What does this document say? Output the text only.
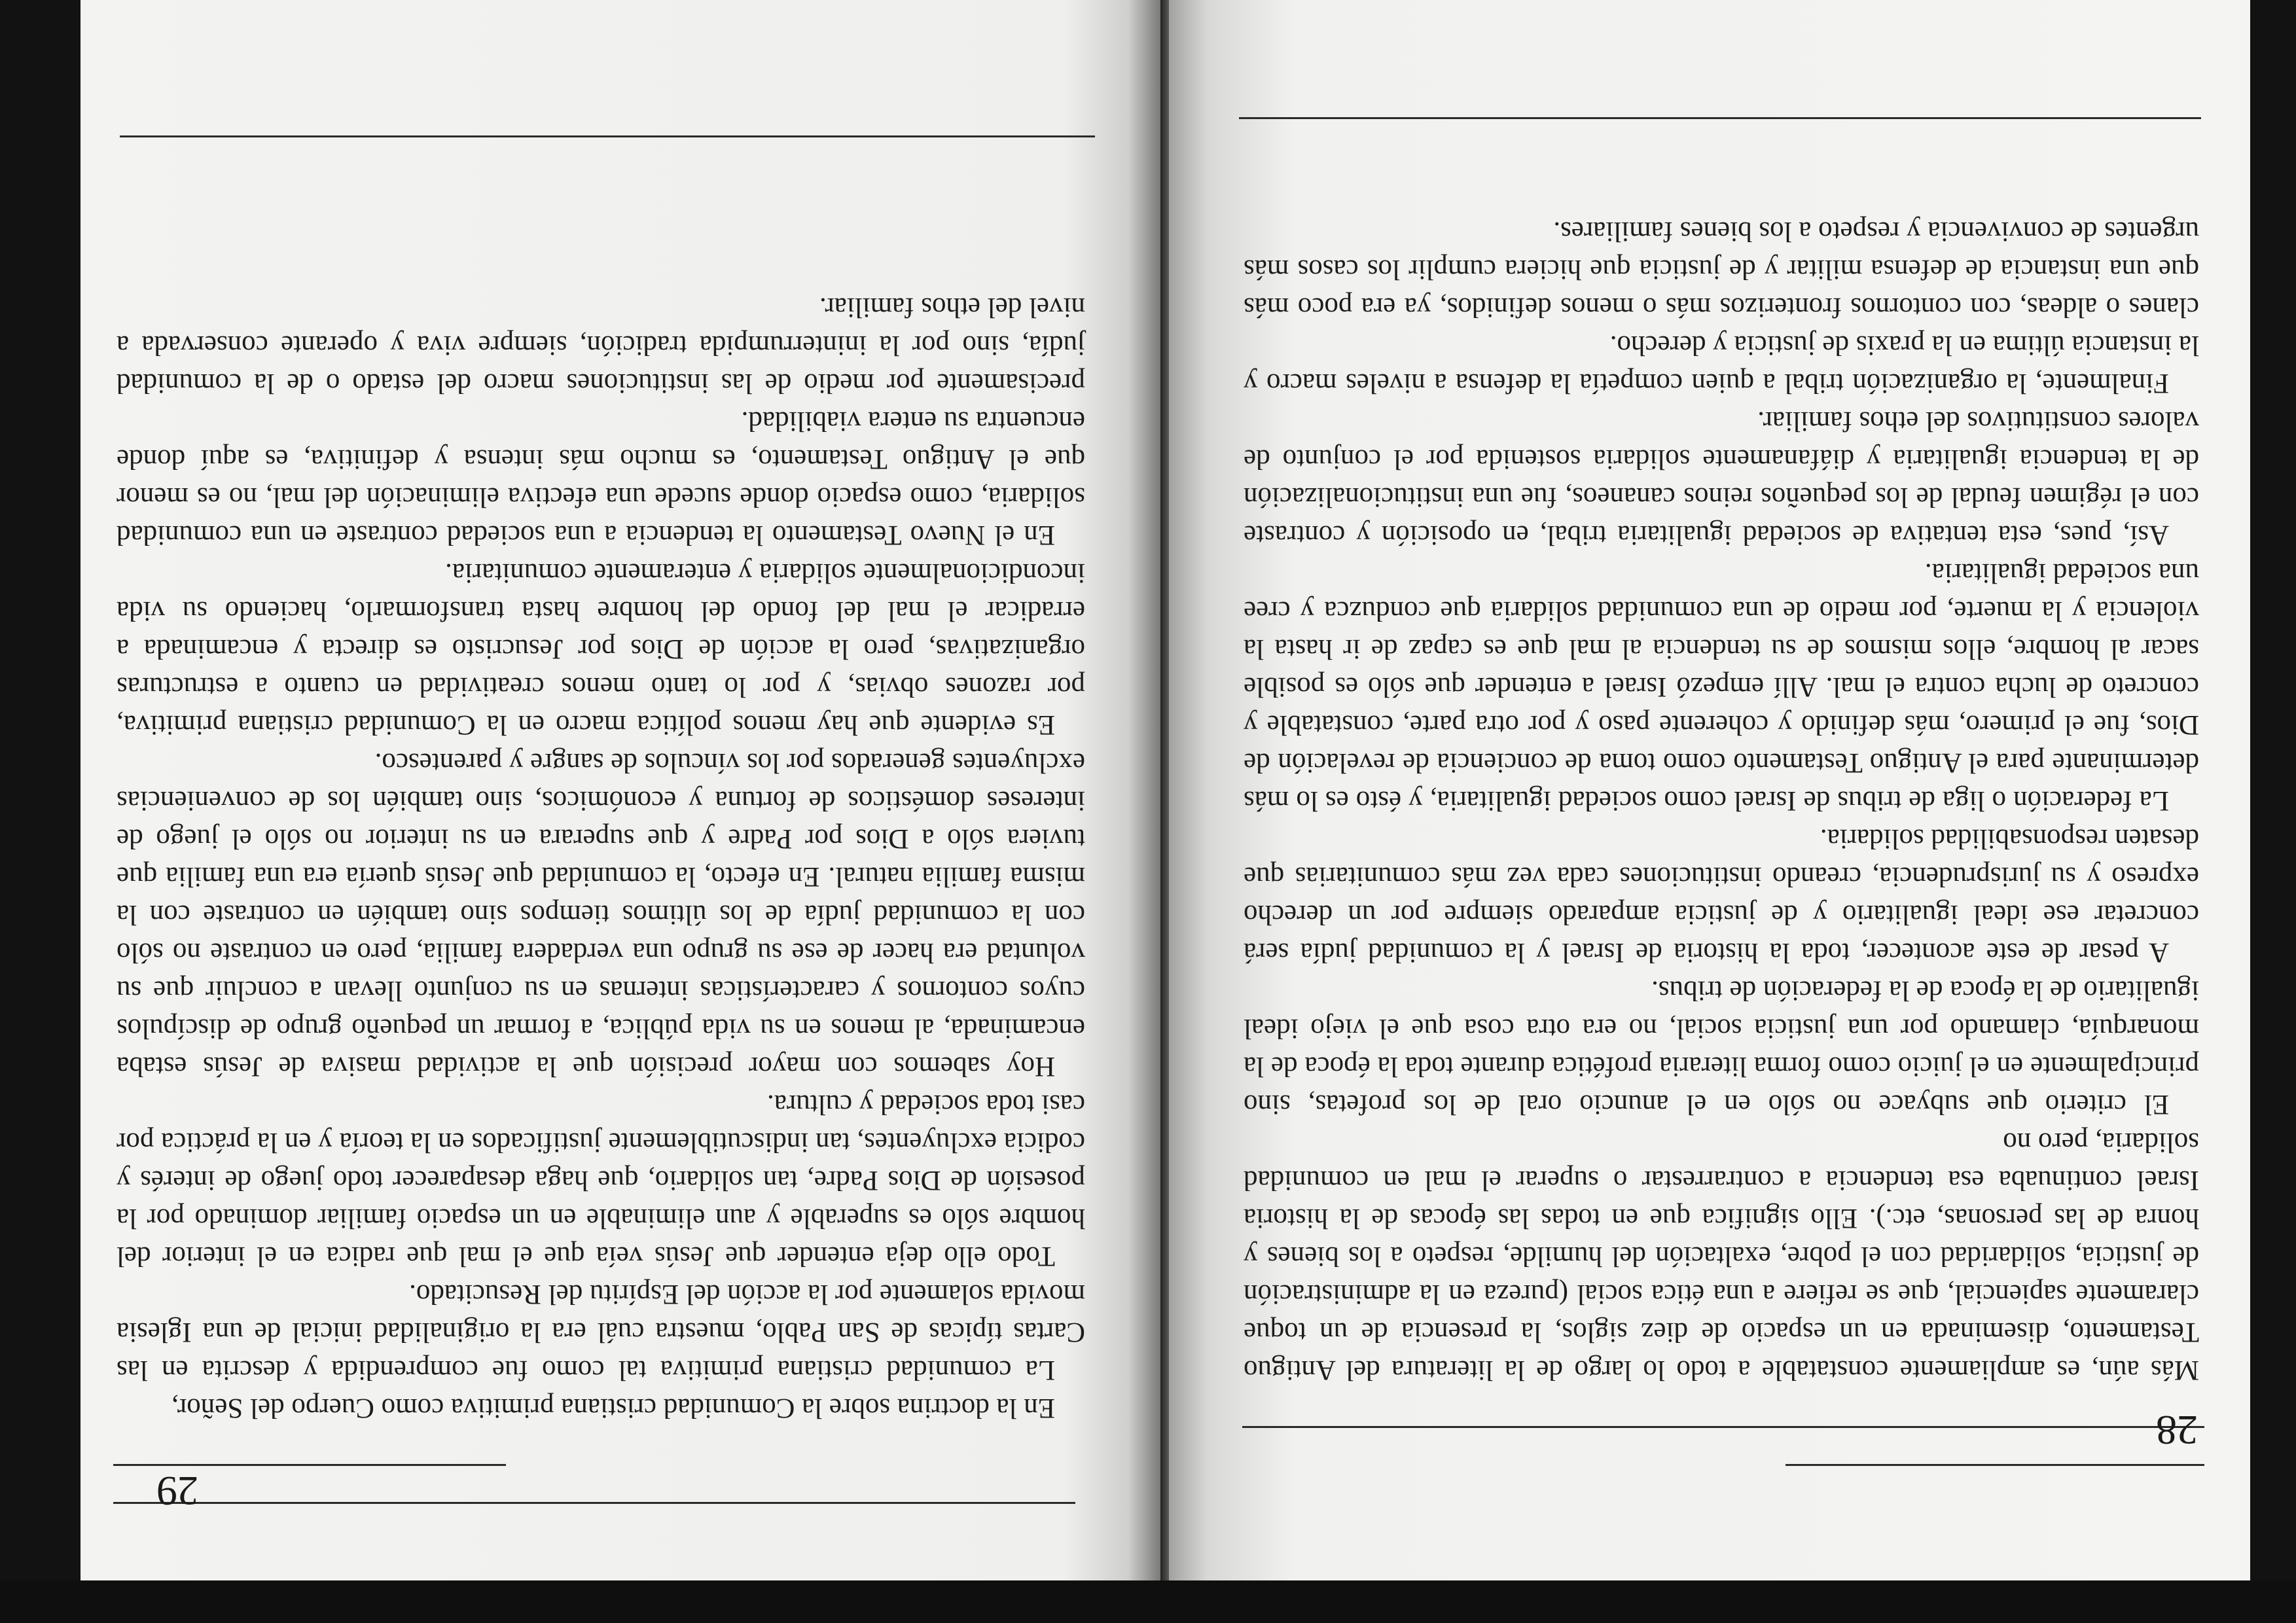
28

Más aún, es ampliamente constatable a todo lo largo de la literatura del Antiguo Testamento, diseminada en un espacio de diez siglos, la presencia de un toque claramente sapiencial, que se refiere a una ética social (pureza en la administración de justicia, solidaridad con el pobre, exaltación del humilde, respeto a los bienes y honra de las personas, etc.). Ello significa que en todas las épocas de la historia Israel continuaba esa tendencia a contrarrestar o superar el mal en comunidad solidaria, pero no

El criterio que subyace no sólo en el anuncio oral de los profetas, sino principalmente en el juicio como forma literaria profética durante toda la época de la monarquía, clamando por una justicia social, no era otra cosa que el viejo ideal igualitario de la época de la federación de tribus.

A pesar de este acontecer, toda la historia de Israel y la comunidad judía será concretar ese ideal igualitario y de justicia amparado siempre por un derecho expreso y su jurisprudencia, creando instituciones cada vez más comunitarias que desaten responsabilidad solidaria.

La federación o liga de tribus de Israel como sociedad igualitaria, y ésto es lo más determinante para el Antiguo Testamento como toma de conciencia de revelación de Dios, fue el primero, más definido y coherente paso y por otra parte, constatable y concreto de lucha contra el mal. Allí empezó Israel a entender que sólo es posible sacar al hombre, ellos mismos de su tendencia al mal que es capaz de ir hasta la violencia y la muerte, por medio de una comunidad solidaria que conduzca y cree una sociedad igualitaria.

Así, pues, esta tentativa de sociedad igualitaria tribal, en oposición y contraste con el régimen feudal de los pequeños reinos cananeos, fue una institucionalización de la tendencia igualitaria y diáfanamente solidaria sostenida por el conjunto de valores constitutivos del ethos familiar.

Finalmente, la organización tribal a quien competía la defensa a niveles macro y la instancia última en la praxis de justicia y derecho.

clanes o aldeas, con contornos fronterizos más o menos definidos, ya era poco más que una instancia de defensa militar y de justicia que hiciera cumplir los casos más urgentes de convivencia y respeto a los bienes familiares.

29

En la doctrina sobre la Comunidad cristiana primitiva como Cuerpo del Señor,

La comunidad cristiana primitiva tal como fue comprendida y descrita en las Cartas típicas de San Pablo, muestra cuál era la originalidad inicial de una Iglesia movida solamente por la acción del Espíritu del Resucitado.

Todo ello deja entender que Jesús veía que el mal que radica en el interior del hombre sólo es superable y aun eliminable en un espacio familiar dominado por la posesión de Dios Padre, tan solidario, que haga desaparecer todo juego de interés y codicia excluyentes, tan indiscutiblemente justificados en la teoría y en la práctica por casi toda sociedad y cultura.

Hoy sabemos con mayor precisión que la actividad masiva de Jesús estaba encaminada, al menos en su vida pública, a formar un pequeño grupo de discípulos cuyos contornos y características internas en su conjunto llevan a concluir que su voluntad era hacer de ese su grupo una verdadera familia, pero en contraste no sólo con la comunidad judía de los últimos tiempos sino también en contraste con la misma familia natural. En efecto, la comunidad que Jesús quería era una familia que tuviera sólo a Dios por Padre y que superara en su interior no sólo el juego de intereses domésticos de fortuna y económicos, sino también los de conveniencias excluyentes generados por los vínculos de sangre y parentesco.

Es evidente que hay menos política macro en la Comunidad cristiana primitiva, por razones obvias, y por lo tanto menos creatividad en cuanto a estructuras organizativas, pero la acción de Dios por Jesucristo es directa y encaminada a erradicar el mal del fondo del hombre hasta transformarlo, haciendo su vida incondicionalmente solidaria y enteramente comunitaria.

En el Nuevo Testamento la tendencia a una sociedad contraste en una comunidad solidaria, como espacio donde sucede una efectiva eliminación del mal, no es menor que el Antiguo Testamento, es mucho más intensa y definitiva, es aquí donde encuentra su entera viabilidad.

precisamente por medio de las instituciones macro del estado o de la comunidad judía, sino por la ininterrumpida tradición, siempre viva y operante conservada a nivel del ethos familiar.
